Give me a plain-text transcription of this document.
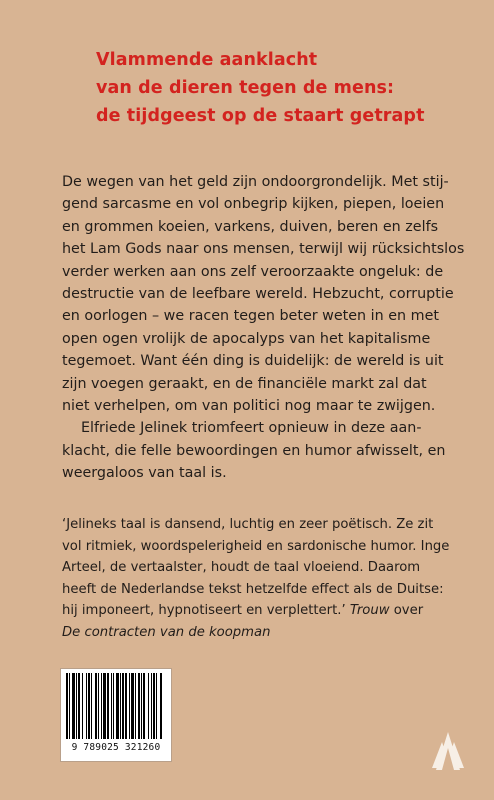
Vlammende aanklacht
van de dieren tegen de mens:
de tijdgeest op de staart getrapt
De wegen van het geld zijn ondoorgrondelijk. Met stij-
gend sarcasme en vol onbegrip kijken, piepen, loeien
en grommen koeien, varkens, duiven, beren en zelfs
het Lam Gods naar ons mensen, terwijl wij rücksichtslos
verder werken aan ons zelf veroorzaakte ongeluk: de
destructie van de leefbare wereld. Hebzucht, corruptie
en oorlogen – we racen tegen beter weten in en met
open ogen vrolijk de apocalyps van het kapitalisme
tegemoet. Want één ding is duidelijk: de wereld is uit
zijn voegen geraakt, en de financiële markt zal dat
niet verhelpen, om van politici nog maar te zwijgen.
Elfriede Jelinek triomfeert opnieuw in deze aan-
klacht, die felle bewoordingen en humor afwisselt, en
weergaloos van taal is.
‘Jelineks taal is dansend, luchtig en zeer poëtisch. Ze zit
vol ritmiek, woordspelerigheid en sardonische humor. Inge
Arteel, de vertaalster, houdt de taal vloeiend. Daarom
heeft de Nederlandse tekst hetzelfde effect als de Duitse:
hij imponeert, hypnotiseert en verplettert.’ Trouw over
De contracten van de koopman
9 789025 321260
